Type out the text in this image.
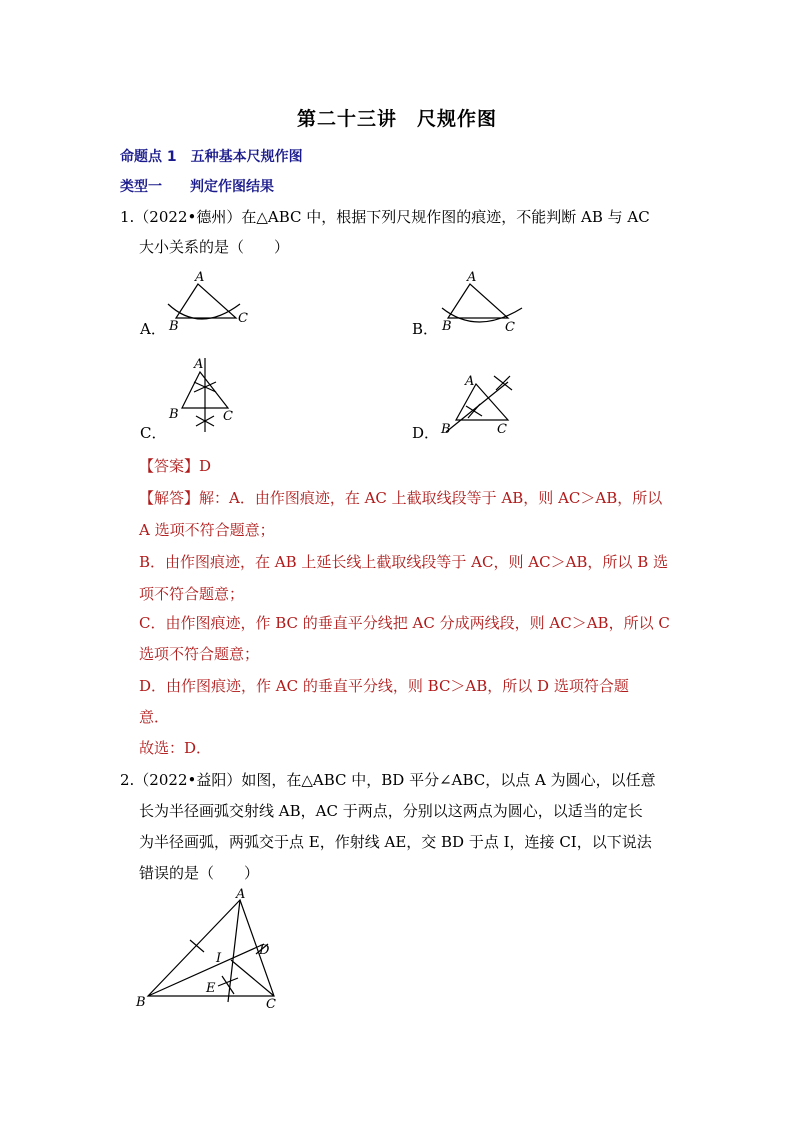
第二十三讲　尺规作图
命题点 1　五种基本尺规作图
类型一　　判定作图结果
1.（2022•德州）在△ABC 中，根据下列尺规作图的痕迹，不能判断 AB 与 AC
大小关系的是（　　）
A．
A
B
C
B．
A
B	C
C．
A
B	C
D．
A
B	C
【答案】D
【解答】解：A．由作图痕迹，在 AC 上截取线段等于 AB，则 AC＞AB，所以
A 选项不符合题意；
B．由作图痕迹，在 AB 上延长线上截取线段等于 AC，则 AC＞AB，所以 B 选
项不符合题意；
C．由作图痕迹，作 BC 的垂直平分线把 AC 分成两线段，则 AC＞AB，所以 C
选项不符合题意；
D．由作图痕迹，作 AC 的垂直平分线，则 BC＞AB，所以 D 选项符合题
意．
故选：D．
2.（2022•益阳）如图，在△ABC 中，BD 平分∠ABC，以点 A 为圆心，以任意
长为半径画弧交射线 AB，AC 于两点，分别以这两点为圆心，以适当的定长
为半径画弧，两弧交于点 E，作射线 AE，交 BD 于点 I，连接 CI，以下说法
错误的是（　　）
A
B	C
D
I
E
